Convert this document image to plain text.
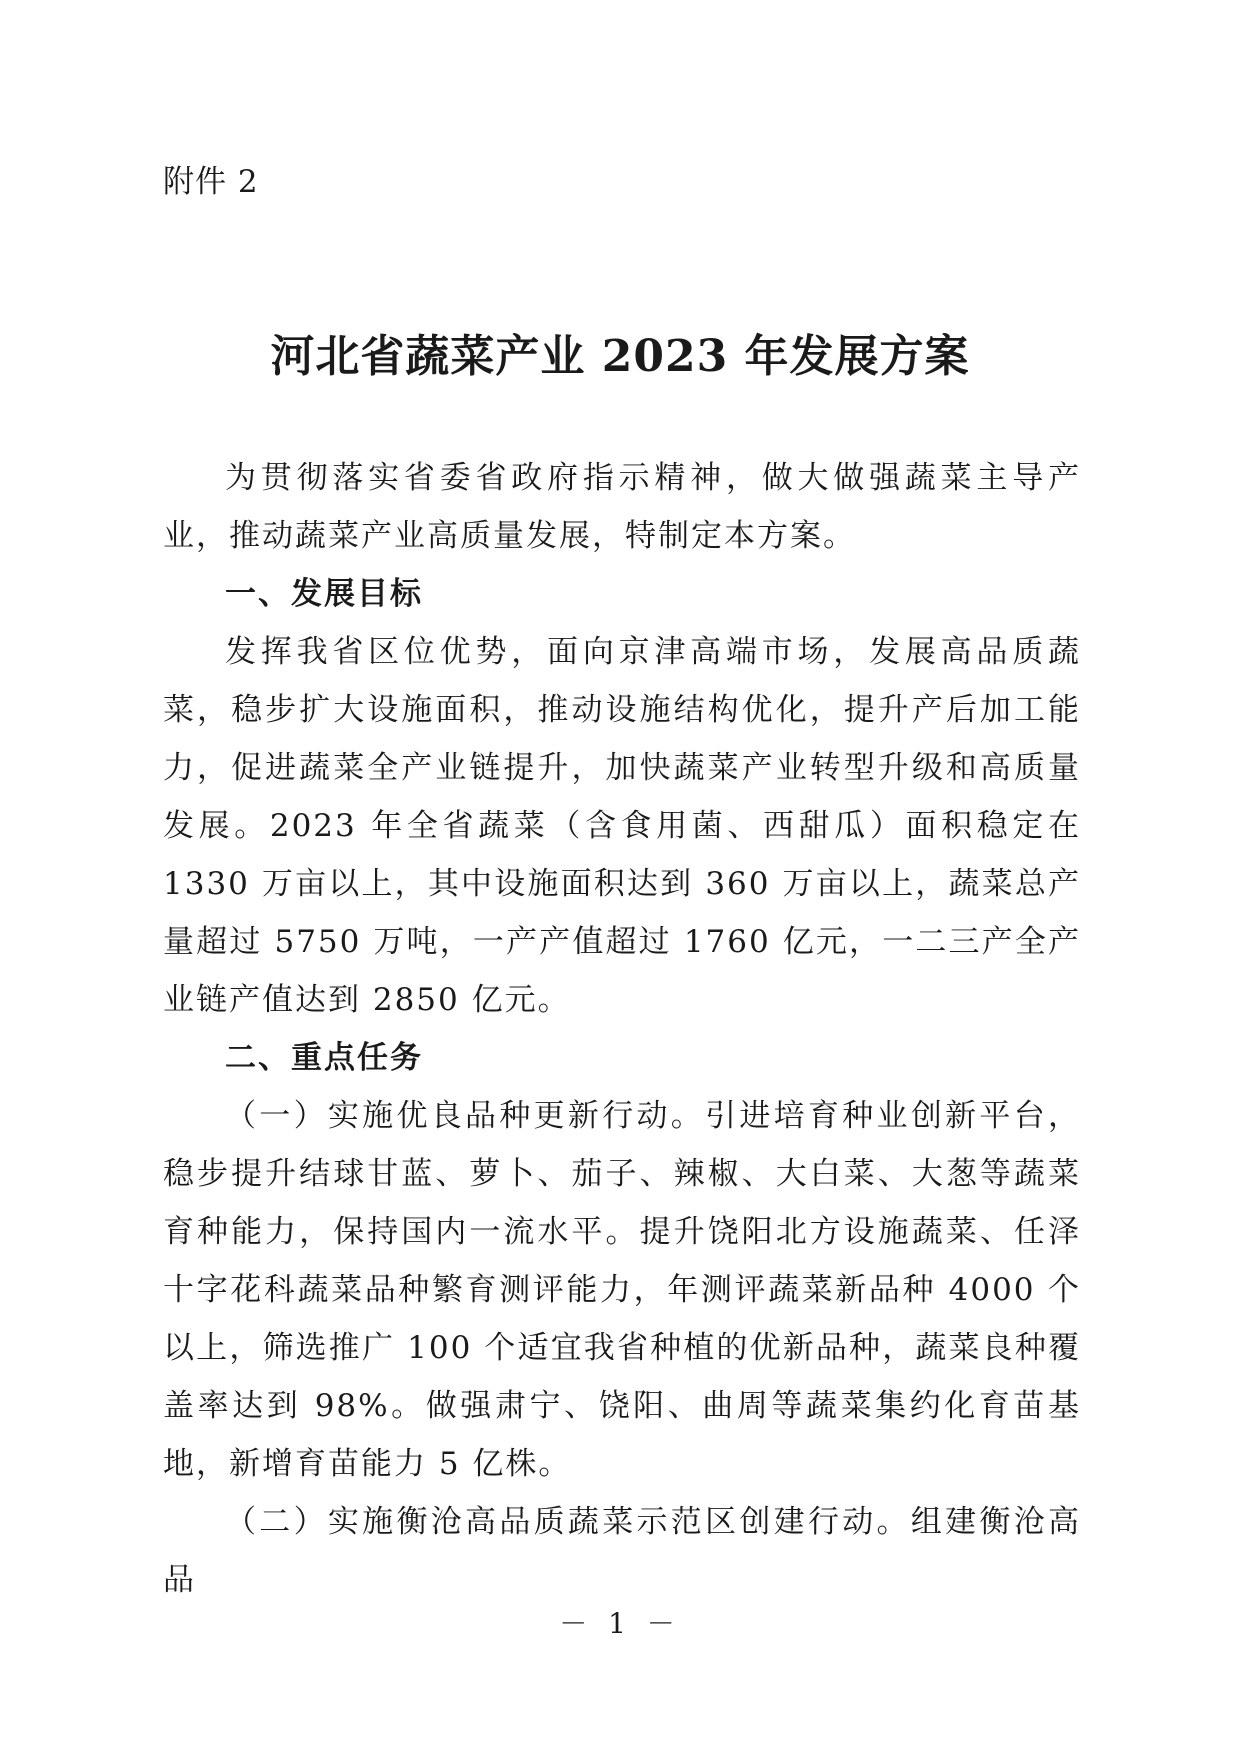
附件 2
河北省蔬菜产业 2023 年发展方案

为贯彻落实省委省政府指示精神，做大做强蔬菜主导产业，推动蔬菜产业高质量发展，特制定本方案。

一、发展目标

发挥我省区位优势，面向京津高端市场，发展高品质蔬菜，稳步扩大设施面积，推动设施结构优化，提升产后加工能力，促进蔬菜全产业链提升，加快蔬菜产业转型升级和高质量发展。2023 年全省蔬菜（含食用菌、西甜瓜）面积稳定在 1330 万亩以上，其中设施面积达到 360 万亩以上，蔬菜总产量超过 5750 万吨，一产产值超过 1760 亿元，一二三产全产业链产值达到 2850 亿元。

二、重点任务

（一）实施优良品种更新行动。引进培育种业创新平台，稳步提升结球甘蓝、萝卜、茄子、辣椒、大白菜、大葱等蔬菜育种能力，保持国内一流水平。提升饶阳北方设施蔬菜、任泽十字花科蔬菜品种繁育测评能力，年测评蔬菜新品种 4000 个以上，筛选推广 100 个适宜我省种植的优新品种，蔬菜良种覆盖率达到 98%。做强肃宁、饶阳、曲周等蔬菜集约化育苗基地，新增育苗能力 5 亿株。

（二）实施衡沧高品质蔬菜示范区创建行动。组建衡沧高品

－ 1 －
